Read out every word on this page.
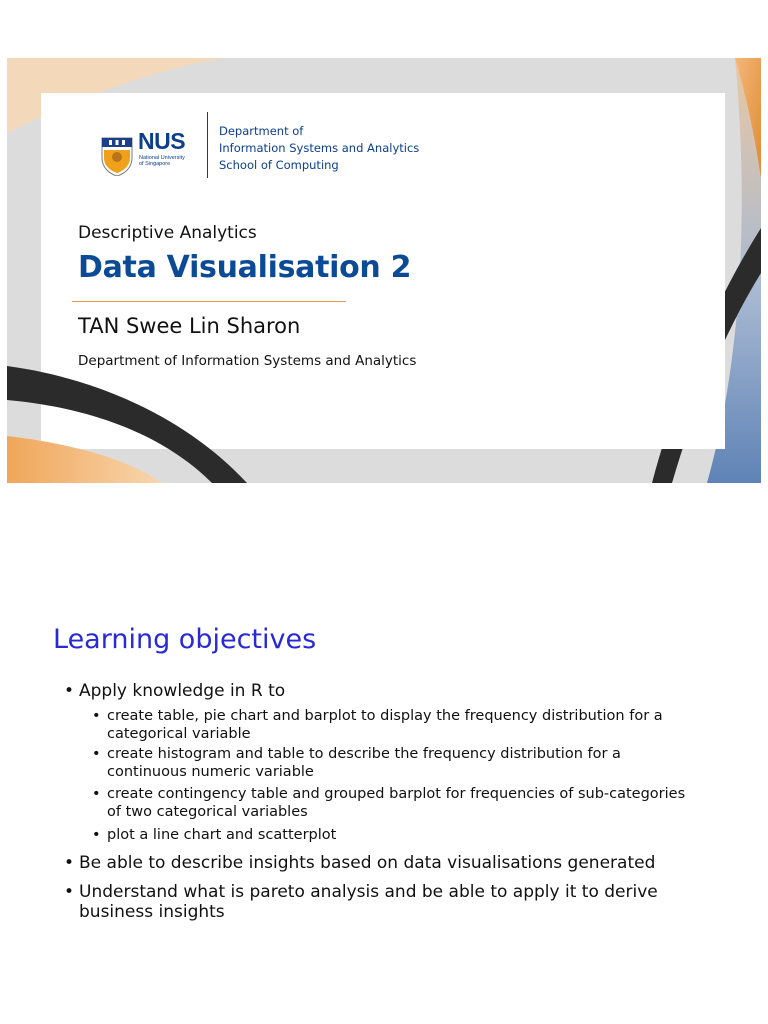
NUS
National University
of Singapore
Department of
Information Systems and Analytics
School of Computing
Descriptive Analytics
Data Visualisation 2
TAN Swee Lin Sharon
Department of Information Systems and Analytics
Learning objectives
• Apply knowledge in R to
• create table, pie chart and barplot to display the frequency distribution for a categorical variable
• create histogram and table to describe the frequency distribution for a continuous numeric variable
• create contingency table and grouped barplot for frequencies of sub-categories of two categorical variables
• plot a line chart and scatterplot
• Be able to describe insights based on data visualisations generated
• Understand what is pareto analysis and be able to apply it to derive business insights
